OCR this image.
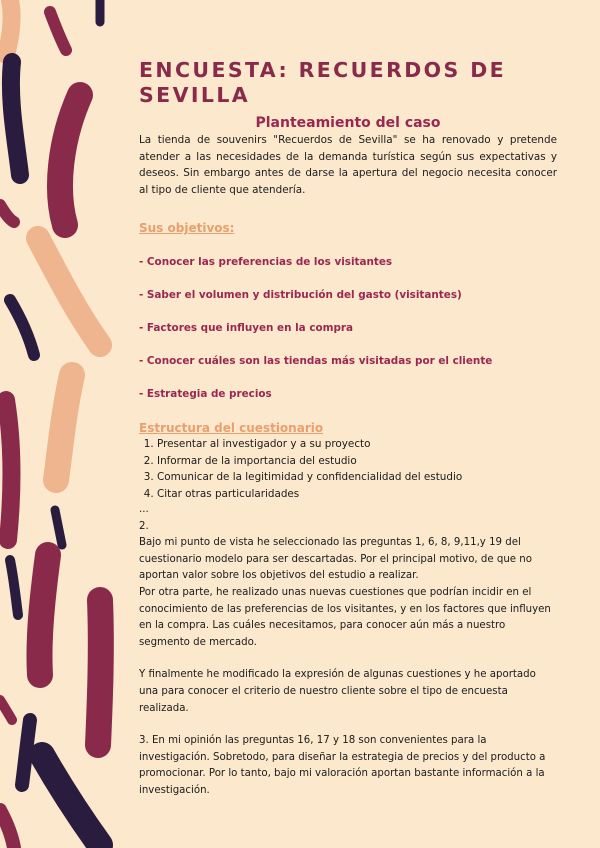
ENCUESTA: RECUERDOS DE SEVILLA
Planteamiento del caso

La tienda de souvenirs "Recuerdos de Sevilla" se ha renovado y pretende atender a las necesidades de la demanda turística según sus expectativas y deseos. Sin embargo antes de darse la apertura del negocio necesita conocer al tipo de cliente que atendería.

Sus objetivos:

- Conocer las preferencias de los visitantes

- Saber el volumen y distribución del gasto (visitantes)

- Factores que influyen en la compra

- Conocer cuáles son las tiendas más visitadas por el cliente

- Estrategia de precios

Estructura del cuestionario

1. Presentar al investigador y a su proyecto
2. Informar de la importancia del estudio
3. Comunicar de la legitimidad y confidencialidad del estudio
4. Citar otras particularidades

...

2.

Bajo mi punto de vista he seleccionado las preguntas 1, 6, 8, 9,11,y 19 del cuestionario modelo para ser descartadas. Por el principal motivo, de que no aportan valor sobre los objetivos del estudio a realizar.

Por otra parte, he realizado unas nuevas cuestiones que podrían incidir en el conocimiento de las preferencias de los visitantes, y en los factores que influyen en la compra. Las cuáles necesitamos, para conocer aún más a nuestro segmento de mercado.

Y finalmente he modificado la expresión de algunas cuestiones y he aportado una para conocer el criterio de nuestro cliente sobre el tipo de encuesta realizada.

3. En mi opinión las preguntas 16, 17 y 18 son convenientes para la investigación. Sobretodo, para diseñar la estrategia de precios y del producto a promocionar. Por lo tanto, bajo mi valoración aportan bastante información a la investigación.
